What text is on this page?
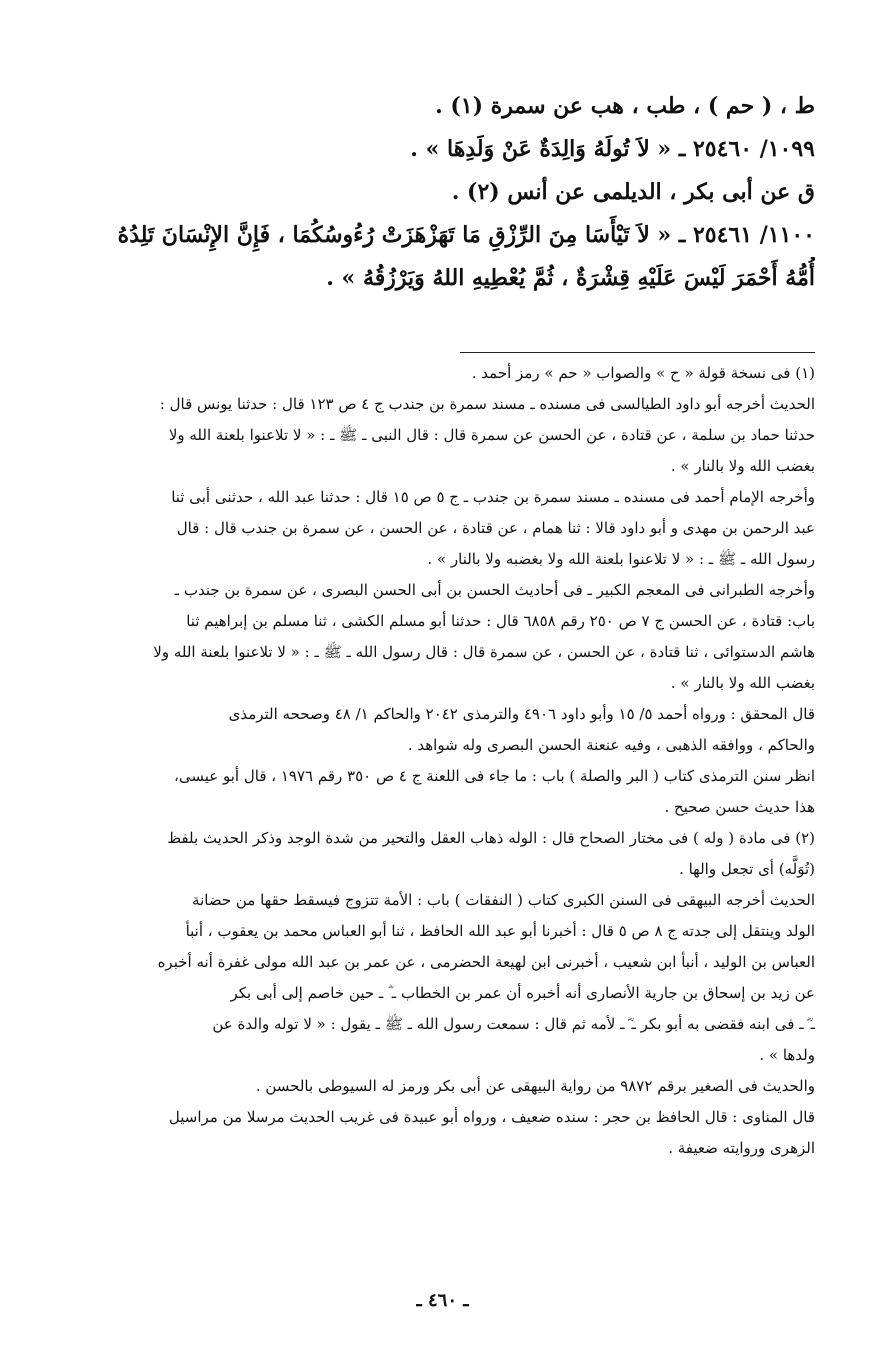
ط ، ( حم ) ، طب ، هب عن سمرة (١) .
١٠٩٩/ ٢٥٤٦٠ ـ « لاَ تُولَهُ وَالِدَةٌ عَنْ وَلَدِهَا » .
ق عن أبى بكر ، الديلمى عن أنس (٢) .
١١٠٠/ ٢٥٤٦١ ـ « لاَ تَيْأَسَا مِنَ الرِّزْقِ مَا تَهَزْهَزَتْ رُءُوسُكُمَا ، فَإِنَّ الإِنْسَانَ تَلِدُهُ
أُمُّهُ أَحْمَرَ لَيْسَ عَلَيْهِ قِشْرَةٌ ، ثُمَّ يُعْطِيهِ اللهُ وَيَرْزُقُهُ » .
(١) فى نسخة قولة « ح » والصواب « حم » رمز أحمد .
الحديث أخرجه أبو داود الطيالسى فى مسنده ـ مسند سمرة بن جندب ج ٤ ص ١٢٣ قال : حدثنا يونس قال :
حدثنا حماد بن سلمة ، عن قتادة ، عن الحسن عن سمرة قال : قال النبى ـ ﷺ ـ : « لا تلاعنوا بلعنة الله ولا
بغضب الله ولا بالنار » .
وأخرجه الإمام أحمد فى مسنده ـ مسند سمرة بن جندب ـ ج ٥ ص ١٥ قال : حدثنا عبد الله ، حدثنى أبى ثنا
عبد الرحمن بن مهدى و أبو داود قالا : ثنا همام ، عن قتادة ، عن الحسن ، عن سمرة بن جندب قال : قال
رسول الله ـ ﷺ ـ : « لا تلاعنوا بلعنة الله ولا بغضبه ولا بالنار » .
وأخرجه الطبرانى فى المعجم الكبير ـ فى أحاديث الحسن بن أبى الحسن البصرى ، عن سمرة بن جندب ـ
باب: قتادة ، عن الحسن ج ٧ ص ٢٥٠ رقم ٦٨٥٨ قال : حدثنا أبو مسلم الكشى ، ثنا مسلم بن إبراهيم ثنا
هاشم الدستوائى ، ثنا قتادة ، عن الحسن ، عن سمرة قال : قال رسول الله ـ ﷺ ـ : « لا تلاعنوا بلعنة الله ولا
بغضب الله ولا بالنار » .
قال المحقق : ورواه أحمد ٥/ ١٥ وأبو داود ٤٩٠٦ والترمذى ٢٠٤٢ والحاكم ١/ ٤٨ وصححه الترمذى
والحاكم ، ووافقه الذهبى ، وفيه عنعنة الحسن البصرى وله شواهد .
انظر سنن الترمذى كتاب ( البر والصلة ) باب : ما جاء فى اللعنة ج ٤ ص ٣٥٠ رقم ١٩٧٦ ، قال أبو عيسى،
هذا حديث حسن صحيح .
(٢) فى مادة ( وله ) فى مختار الصحاح قال : الوله ذهاب العقل والتحير من شدة الوجد وذكر الحديث بلفظ
(تُوَلَّه) أى تجعل والها .
الحديث أخرجه البيهقى فى السنن الكبرى كتاب ( النفقات ) باب : الأمة تتزوج فيسقط حقها من حضانة
الولد وينتقل إلى جدته ج ٨ ص ٥ قال : أخبرنا أبو عبد الله الحافظ ، ثنا أبو العباس محمد بن يعقوب ، أنبأ
العباس بن الوليد ، أنبأ ابن شعيب ، أخبرنى ابن لهيعة الحضرمى ، عن عمر بن عبد الله مولى غفرة أنه أخبره
عن زيد بن إسحاق بن جارية الأنصارى أنه أخبره أن عمر بن الخطاب ـ ؓ ـ حين خاصم إلى أبى بكر
ـ ؓ ـ فى ابنه فقضى به أبو بكر ـ ؓ ـ لأمه ثم قال : سمعت رسول الله ـ ﷺ ـ يقول : « لا توله والدة عن
ولدها » .
والحديث فى الصغير برقم ٩٨٧٢ من رواية البيهقى عن أبى بكر ورمز له السيوطى بالحسن .
قال المناوى : قال الحافظ بن حجر : سنده ضعيف ، ورواه أبو عبيدة فى غريب الحديث مرسلا من مراسيل
الزهرى وروايته ضعيفة .
ـ ٤٦٠ ـ
